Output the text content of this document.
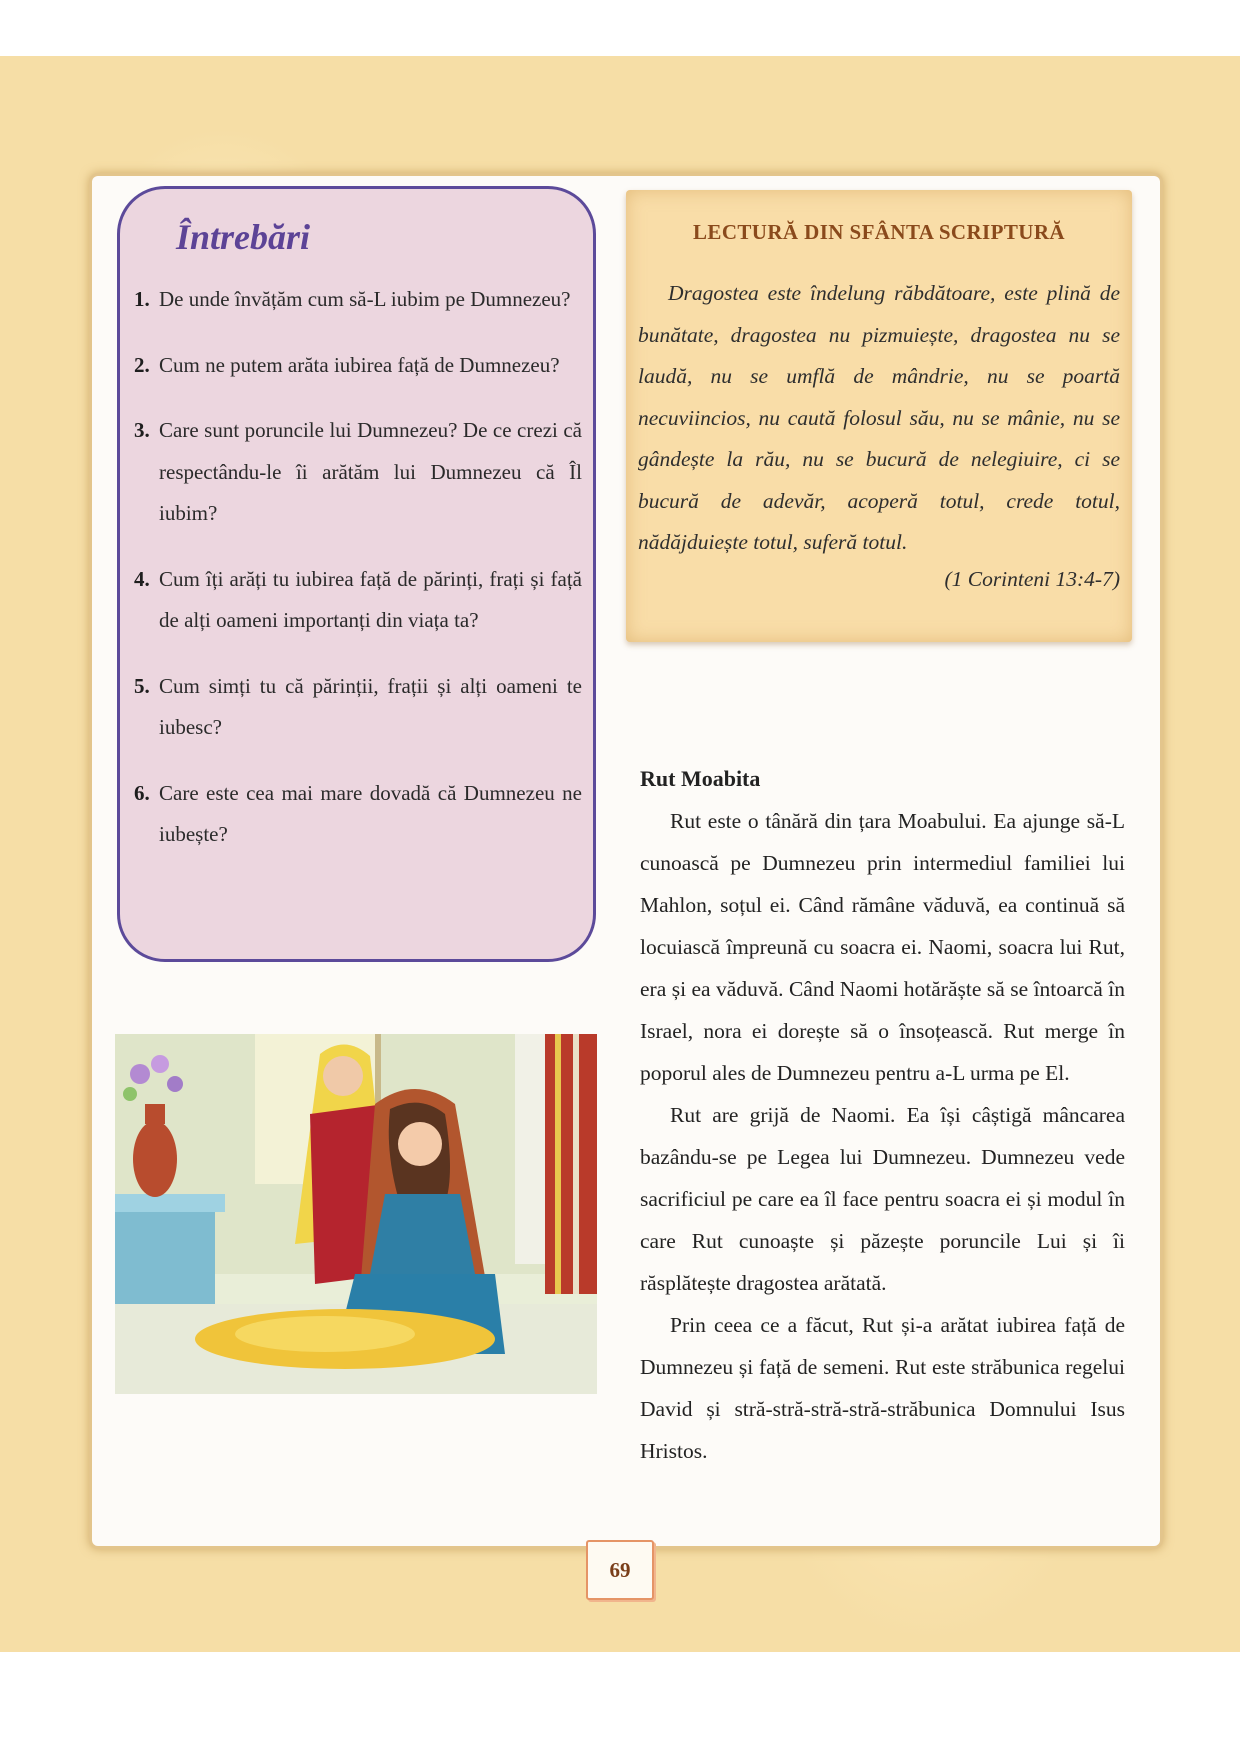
Întrebări
1. De unde învățăm cum să-L iubim pe Dumnezeu?
2. Cum ne putem arăta iubirea față de Dumnezeu?
3. Care sunt poruncile lui Dumnezeu? De ce crezi că respectându-le îi arătăm lui Dumnezeu că Îl iubim?
4. Cum îți arăți tu iubirea față de părinți, frați și față de alți oameni importanți din viața ta?
5. Cum simți tu că părinții, frații și alți oameni te iubesc?
6. Care este cea mai mare dovadă că Dumnezeu ne iubește?
LECTURĂ DIN SFÂNTA SCRIPTURĂ

Dragostea este îndelung răbdătoare, este plină de bunătate, dragostea nu pizmuiește, dragostea nu se laudă, nu se umflă de mândrie, nu se poartă necuviincios, nu caută folosul său, nu se mânie, nu se gândește la rău, nu se bucură de nelegiuire, ci se bucură de adevăr, acoperă totul, crede totul, nădăjduiește totul, suferă totul.

(1 Corinteni 13:4-7)
Rut Moabita

Rut este o tânără din țara Moabului. Ea ajunge să-L cunoască pe Dumnezeu prin intermediul familiei lui Mahlon, soțul ei. Când rămâne văduvă, ea continuă să locuiască împreună cu soacra ei. Naomi, soacra lui Rut, era și ea văduvă. Când Naomi hotărăște să se întoarcă în Israel, nora ei dorește să o însoțească. Rut merge în poporul ales de Dumnezeu pentru a-L urma pe El.

Rut are grijă de Naomi. Ea își câștigă mâncarea bazându-se pe Legea lui Dumnezeu. Dumnezeu vede sacrificiul pe care ea îl face pentru soacra ei și modul în care Rut cunoaște și păzește poruncile Lui și îi răsplătește dragostea arătată.

Prin ceea ce a făcut, Rut și-a arătat iubirea față de Dumnezeu și față de semeni. Rut este străbunica regelui David și stră-stră-stră-stră-străbunica Domnului Isus Hristos.

69
